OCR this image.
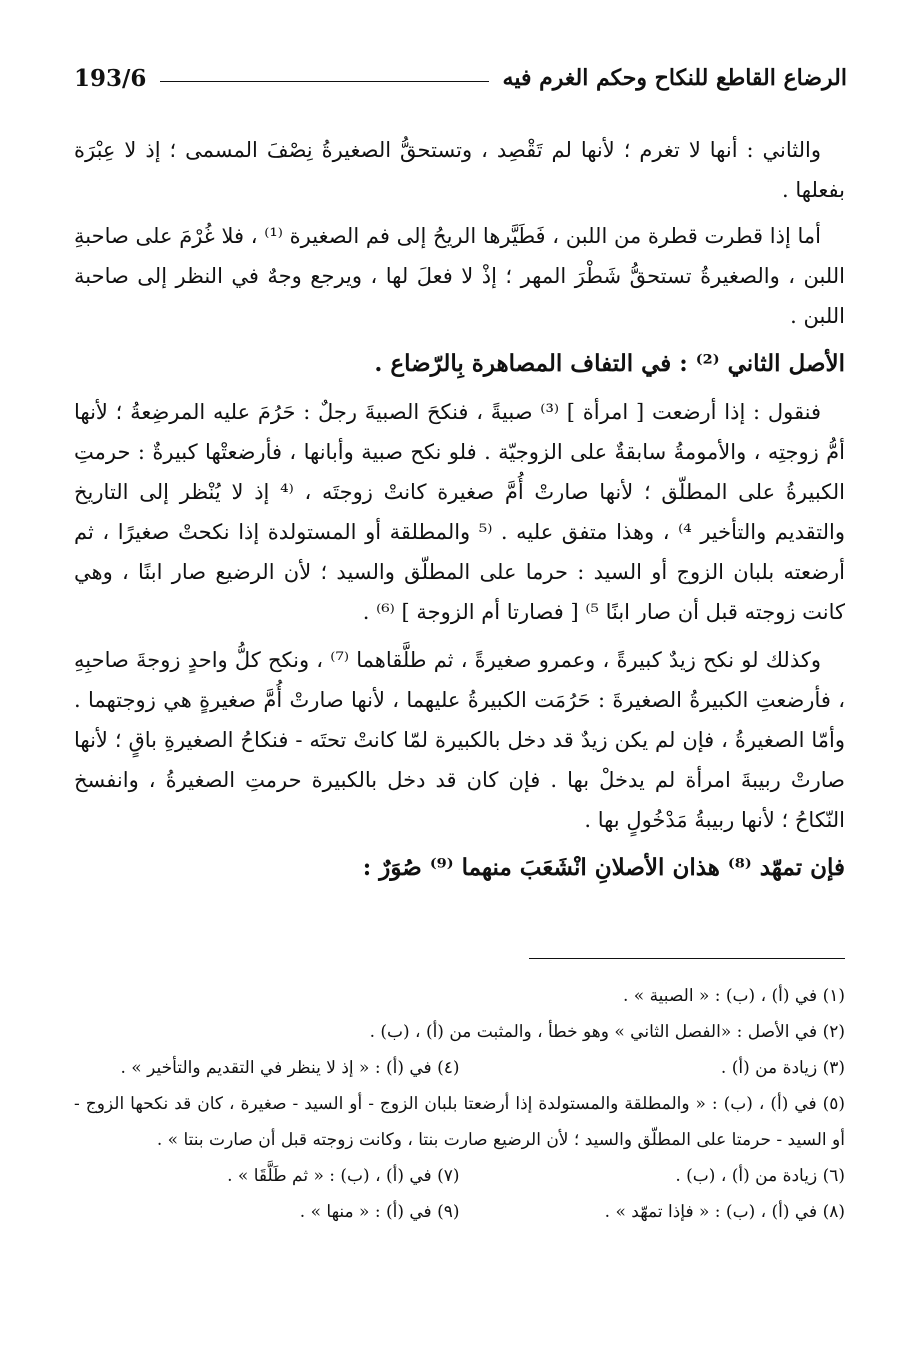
الرضاع القاطع للنكاح وحكم الغرم فيه
193/6

والثاني : أنها لا تغرم ؛ لأنها لم تَقْصِد ، وتستحقُّ الصغيرةُ نِصْفَ المسمى ؛ إذ لا عِبْرَة بفعلها .

أما إذا قطرت قطرة من اللبن ، فَطَيَّرها الريحُ إلى فم الصغيرة ⁽¹⁾ ، فلا غُرْمَ على صاحبةِ اللبن ، والصغيرةُ تستحقُّ شَطْرَ المهر ؛ إذْ لا فعلَ لها ، ويرجع وجهٌ في النظر إلى صاحبة اللبن .

الأصل الثاني ⁽²⁾ : في التفاف المصاهرة بِالرّضاع .

فنقول : إذا أرضعت [ امرأة ] ⁽³⁾ صبيةً ، فنكحَ الصبيةَ رجلٌ : حَرُمَ عليه المرضِعةُ ؛ لأنها أمُّ زوجتِه ، والأمومةُ سابقةٌ على الزوجيّة . فلو نكح صبية وأبانها ، فأرضعتْها كبيرةٌ : حرمتِ الكبيرةُ على المطلّق ؛ لأنها صارتْ أُمَّ صغيرة كانتْ زوجتَه ، ⁽⁴ إذ لا يُنْظر إلى التاريخ والتقديم والتأخير ⁴⁾ ، وهذا متفق عليه . ⁽⁵ والمطلقة أو المستولدة إذا نكحتْ صغيرًا ، ثم أرضعته بلبان الزوج أو السيد : حرما على المطلّق والسيد ؛ لأن الرضيع صار ابنًا ، وهي كانت زوجته قبل أن صار ابنًا ⁵⁾ [ فصارتا أم الزوجة ] ⁽⁶⁾ .

وكذلك لو نكح زيدٌ كبيرةً ، وعمرو صغيرةً ، ثم طلَّقاهما ⁽⁷⁾ ، ونكح كلُّ واحدٍ زوجةَ صاحبِهِ ، فأرضعتِ الكبيرةُ الصغيرةَ : حَرُمَت الكبيرةُ عليهما ، لأنها صارتْ أُمَّ صغيرةٍ هي زوجتهما . وأمّا الصغيرةُ ، فإن لم يكن زيدٌ قد دخل بالكبيرة لمّا كانتْ تحتَه - فنكاحُ الصغيرةِ باقٍ ؛ لأنها صارتْ ربيبةَ امرأة لم يدخلْ بها . فإن كان قد دخل بالكبيرة حرمتِ الصغيرةُ ، وانفسخ النّكاحُ ؛ لأنها ربيبةُ مَدْخُولٍ بها .

فإن تمهّد ⁽⁸⁾ هذان الأصلانِ انْشَعَبَ منهما ⁽⁹⁾ صُوَرٌ :

(١) في (أ) ، (ب) : « الصبية » .

(٢) في الأصل : «الفصل الثاني » وهو خطأ ، والمثبت من (أ) ، (ب) .

(٣) زيادة من (أ) .

(٤) في (أ) : « إذ لا ينظر في التقديم والتأخير » .

(٥) في (أ) ، (ب) : « والمطلقة والمستولدة إذا أرضعتا بلبان الزوج - أو السيد - صغيرة ، كان قد نكحها الزوج - أو السيد - حرمتا على المطلّق والسيد ؛ لأن الرضيع صارت بنتا ، وكانت زوجته قبل أن صارت بنتا » .

(٦) زيادة من (أ) ، (ب) .

(٧) في (أ) ، (ب) : « ثم طَلَّقَا » .

(٨) في (أ) ، (ب) : « فإذا تمهّد » .

(٩) في (أ) : « منها » .
